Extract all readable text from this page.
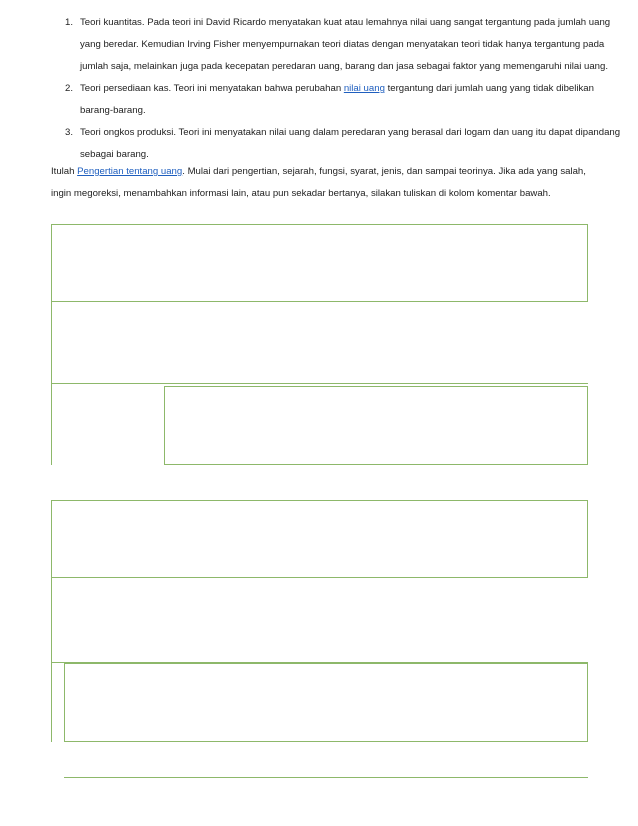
Teori kuantitas. Pada teori ini David Ricardo menyatakan kuat atau lemahnya nilai uang sangat tergantung pada jumlah uang yang beredar. Kemudian Irving Fisher menyempurnakan teori diatas dengan menyatakan teori tidak hanya tergantung pada jumlah saja, melainkan juga pada kecepatan peredaran uang, barang dan jasa sebagai faktor yang memengaruhi nilai uang.
Teori persediaan kas. Teori ini menyatakan bahwa perubahan nilai uang tergantung dari jumlah uang yang tidak dibelikan barang-barang.
Teori ongkos produksi. Teori ini menyatakan nilai uang dalam peredaran yang berasal dari logam dan uang itu dapat dipandang sebagai barang.

Itulah Pengertian tentang uang. Mulai dari pengertian, sejarah, fungsi, syarat, jenis, dan sampai teorinya. Jika ada yang salah, ingin megoreksi, menambahkan informasi lain, atau pun sekadar bertanya, silakan tuliskan di kolom komentar bawah.
